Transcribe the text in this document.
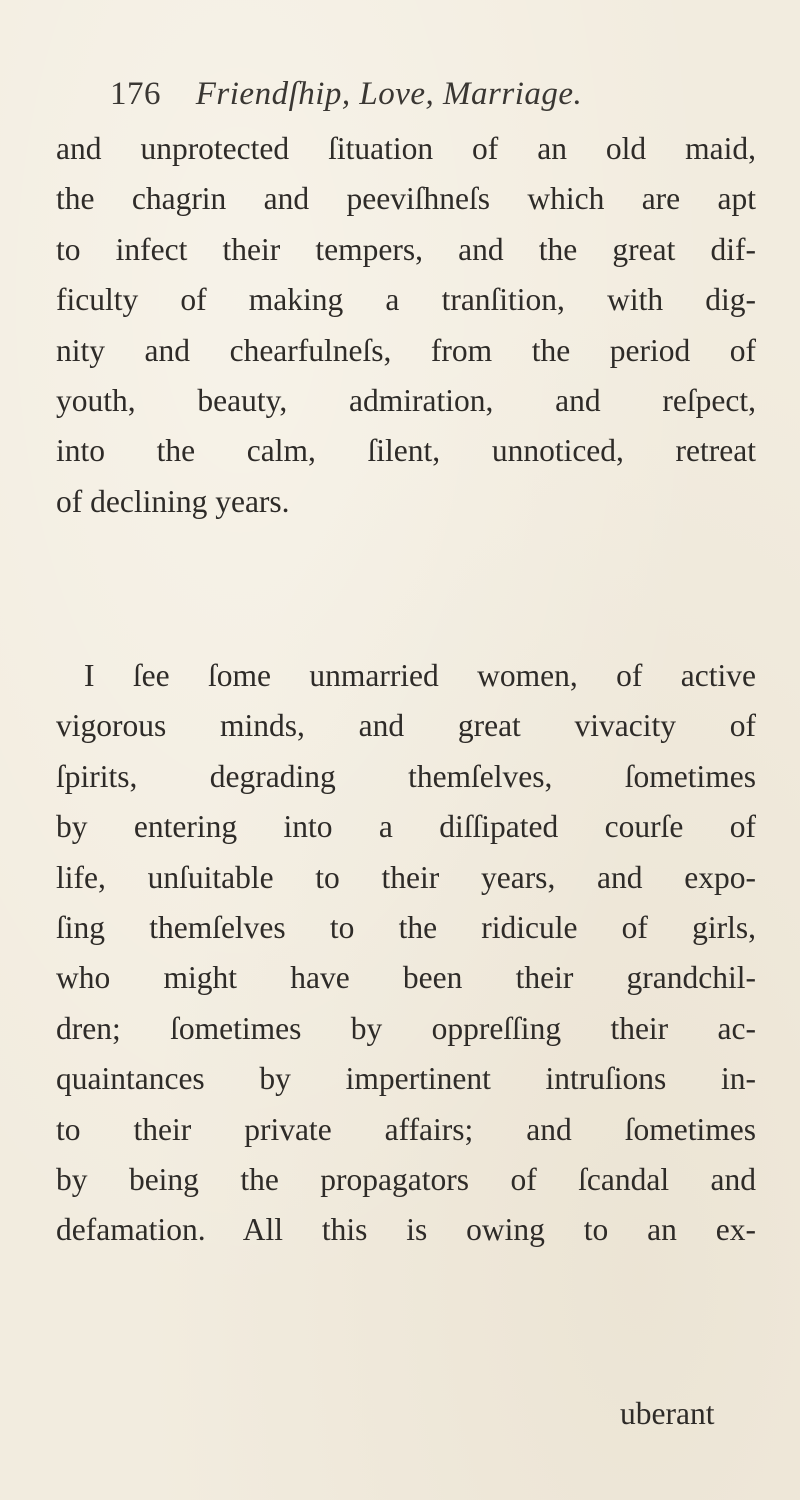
176 Friendſhip, Love, Marriage.
and unprotected ſituation of an old maid,
the chagrin and peeviſhneſs which are apt
to infect their tempers, and the great dif-
ficulty of making a tranſition, with dig-
nity and chearfulneſs, from the period of
youth, beauty, admiration, and reſpect,
into the calm, ſilent, unnoticed, retreat
of declining years.
I ſee ſome unmarried women, of active
vigorous minds, and great vivacity of
ſpirits, degrading themſelves, ſometimes
by entering into a diſſipated courſe of
life, unſuitable to their years, and expo-
ſing themſelves to the ridicule of girls,
who might have been their grandchil-
dren; ſometimes by oppreſſing their ac-
quaintances by impertinent intruſions in-
to their private affairs; and ſometimes
by being the propagators of ſcandal and
defamation. All this is owing to an ex-
uberant
